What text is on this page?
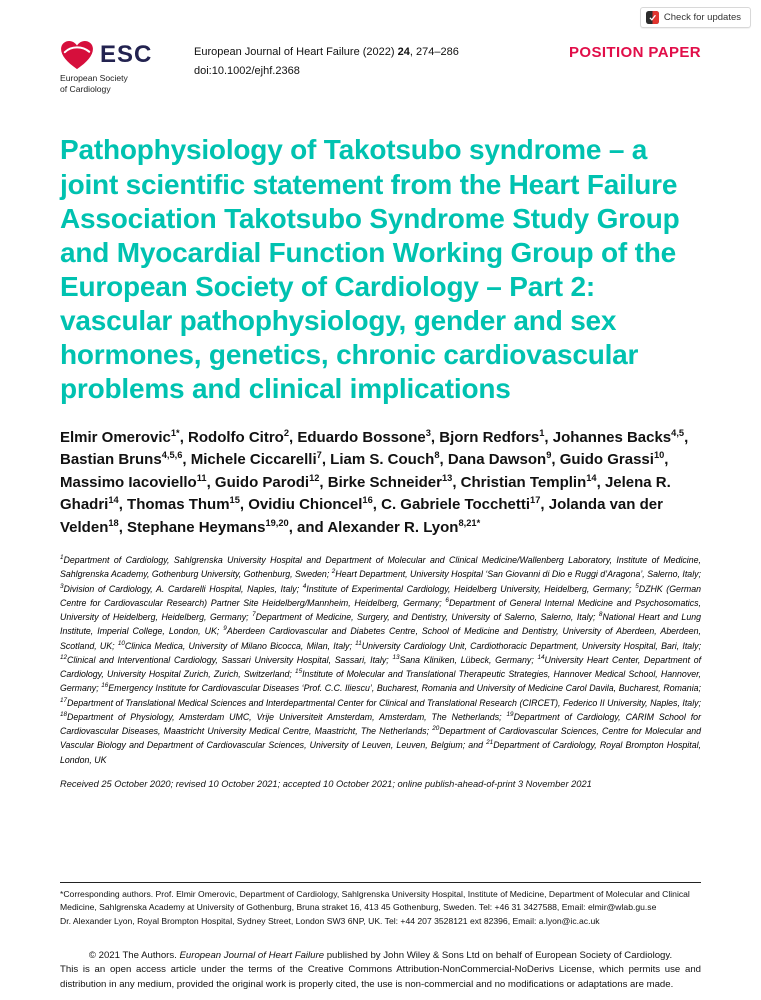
Check for updates
ESC
European Society
of Cardiology
European Journal of Heart Failure (2022) 24, 274–286
doi:10.1002/ejhf.2368
POSITION PAPER
Pathophysiology of Takotsubo syndrome – a joint scientific statement from the Heart Failure Association Takotsubo Syndrome Study Group and Myocardial Function Working Group of the European Society of Cardiology – Part 2: vascular pathophysiology, gender and sex hormones, genetics, chronic cardiovascular problems and clinical implications

Elmir Omerovic$^{1*}$, Rodolfo Citro$^2$, Eduardo Bossone$^3$, Bjorn Redfors$^1$, Johannes Backs$^{4,5}$, Bastian Bruns$^{4,5,6}$, Michele Ciccarelli$^7$, Liam S. Couch$^8$, Dana Dawson$^9$, Guido Grassi$^{10}$, Massimo Iacoviello$^{11}$, Guido Parodi$^{12}$, Birke Schneider$^{13}$, Christian Templin$^{14}$, Jelena R. Ghadri$^{14}$, Thomas Thum$^{15}$, Ovidiu Chioncel$^{16}$, C. Gabriele Tocchetti$^{17}$, Jolanda van der Velden$^{18}$, Stephane Heymans$^{19,20}$, and Alexander R. Lyon$^{8,21*}$

$^1$Department of Cardiology, Sahlgrenska University Hospital and Department of Molecular and Clinical Medicine/Wallenberg Laboratory, Institute of Medicine, Sahlgrenska Academy, Gothenburg University, Gothenburg, Sweden; $^2$Heart Department, University Hospital ‘San Giovanni di Dio e Ruggi d’Aragona’, Salerno, Italy; $^3$Division of Cardiology, A. Cardarelli Hospital, Naples, Italy; $^4$Institute of Experimental Cardiology, Heidelberg University, Heidelberg, Germany; $^5$DZHK (German Centre for Cardiovascular Research) Partner Site Heidelberg/Mannheim, Heidelberg, Germany; $^6$Department of General Internal Medicine and Psychosomatics, University of Heidelberg, Heidelberg, Germany; $^7$Department of Medicine, Surgery, and Dentistry, University of Salerno, Salerno, Italy; $^8$National Heart and Lung Institute, Imperial College, London, UK; $^9$Aberdeen Cardiovascular and Diabetes Centre, School of Medicine and Dentistry, University of Aberdeen, Aberdeen, Scotland, UK; $^{10}$Clinica Medica, University of Milano Bicocca, Milan, Italy; $^{11}$University Cardiology Unit, Cardiothoracic Department, University Hospital, Bari, Italy; $^{12}$Clinical and Interventional Cardiology, Sassari University Hospital, Sassari, Italy; $^{13}$Sana Kliniken, Lübeck, Germany; $^{14}$University Heart Center, Department of Cardiology, University Hospital Zurich, Zurich, Switzerland; $^{15}$Institute of Molecular and Translational Therapeutic Strategies, Hannover Medical School, Hannover, Germany; $^{16}$Emergency Institute for Cardiovascular Diseases ‘Prof. C.C. Iliescu’, Bucharest, Romania and University of Medicine Carol Davila, Bucharest, Romania; $^{17}$Department of Translational Medical Sciences and Interdepartmental Center for Clinical and Translational Research (CIRCET), Federico II University, Naples, Italy; $^{18}$Department of Physiology, Amsterdam UMC, Vrije Universiteit Amsterdam, Amsterdam, The Netherlands; $^{19}$Department of Cardiology, CARIM School for Cardiovascular Diseases, Maastricht University Medical Centre, Maastricht, The Netherlands; $^{20}$Department of Cardiovascular Sciences, Centre for Molecular and Vascular Biology and Department of Cardiovascular Sciences, University of Leuven, Leuven, Belgium; and $^{21}$Department of Cardiology, Royal Brompton Hospital, London, UK

Received 25 October 2020; revised 10 October 2021; accepted 10 October 2021; online publish-ahead-of-print 3 November 2021

*Corresponding authors. Prof. Elmir Omerovic, Department of Cardiology, Sahlgrenska University Hospital, Institute of Medicine, Department of Molecular and Clinical Medicine, Sahlgrenska Academy at University of Gothenburg, Bruna straket 16, 413 45 Gothenburg, Sweden. Tel: +46 31 3427588, Email: elmir@wlab.gu.se

Dr. Alexander Lyon, Royal Brompton Hospital, Sydney Street, London SW3 6NP, UK. Tel: +44 207 3528121 ext 82396, Email: a.lyon@ic.ac.uk

© 2021 The Authors. European Journal of Heart Failure published by John Wiley & Sons Ltd on behalf of European Society of Cardiology.

This is an open access article under the terms of the Creative Commons Attribution-NonCommercial-NoDerivs License, which permits use and distribution in any medium, provided the original work is properly cited, the use is non-commercial and no modifications or adaptations are made.
